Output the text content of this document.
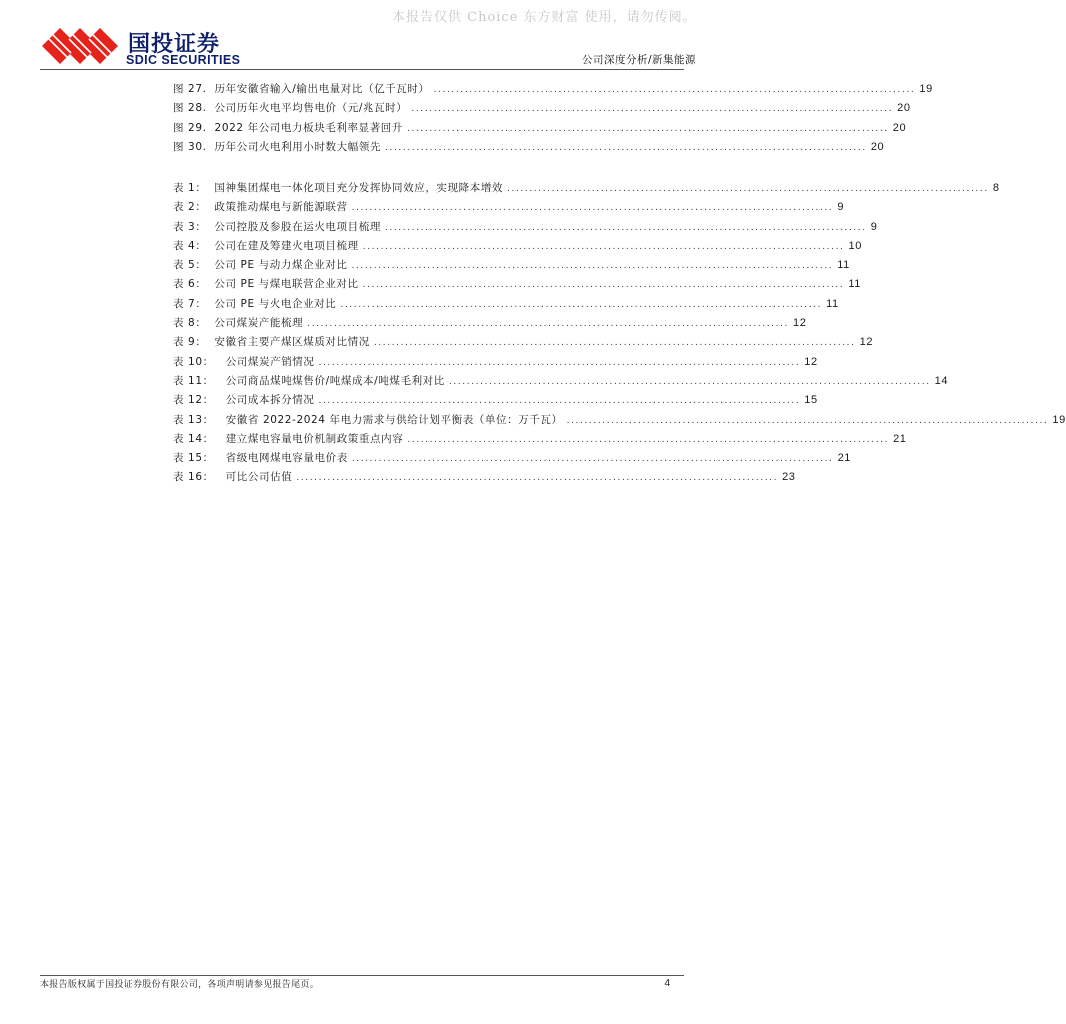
本报告仅供 Choice 东方财富 使用，请勿传阅。
国投证券
SDIC SECURITIES	公司深度分析/新集能源
图 27. 历年安徽省输入/输出电量对比（亿千瓦时） ............................................................................................................ 19
图 28. 公司历年火电平均售电价（元/兆瓦时） ............................................................................................................ 20
图 29. 2022 年公司电力板块毛利率显著回升 ............................................................................................................ 20
图 30. 历年公司火电利用小时数大幅领先 ............................................................................................................ 20
表 1： 国神集团煤电一体化项目充分发挥协同效应，实现降本增效 ............................................................................................................ 8
表 2： 政策推动煤电与新能源联营 ............................................................................................................ 9
表 3： 公司控股及参股在运火电项目梳理 ............................................................................................................ 9
表 4： 公司在建及筹建火电项目梳理 ............................................................................................................ 10
表 5： 公司 PE 与动力煤企业对比 ............................................................................................................ 11
表 6： 公司 PE 与煤电联营企业对比 ............................................................................................................ 11
表 7： 公司 PE 与火电企业对比 ............................................................................................................ 11
表 8： 公司煤炭产能梳理 ............................................................................................................ 12
表 9： 安徽省主要产煤区煤质对比情况 ............................................................................................................ 12
表 10： 公司煤炭产销情况 ............................................................................................................ 12
表 11： 公司商品煤吨煤售价/吨煤成本/吨煤毛利对比 ............................................................................................................ 14
表 12： 公司成本拆分情况 ............................................................................................................ 15
表 13： 安徽省 2022-2024 年电力需求与供给计划平衡表（单位：万千瓦） ............................................................................................................ 19
表 14： 建立煤电容量电价机制政策重点内容 ............................................................................................................ 21
表 15： 省级电网煤电容量电价表 ............................................................................................................ 21
表 16： 可比公司估值 ............................................................................................................ 23
本报告版权属于国投证券股份有限公司，各项声明请参见报告尾页。	4
